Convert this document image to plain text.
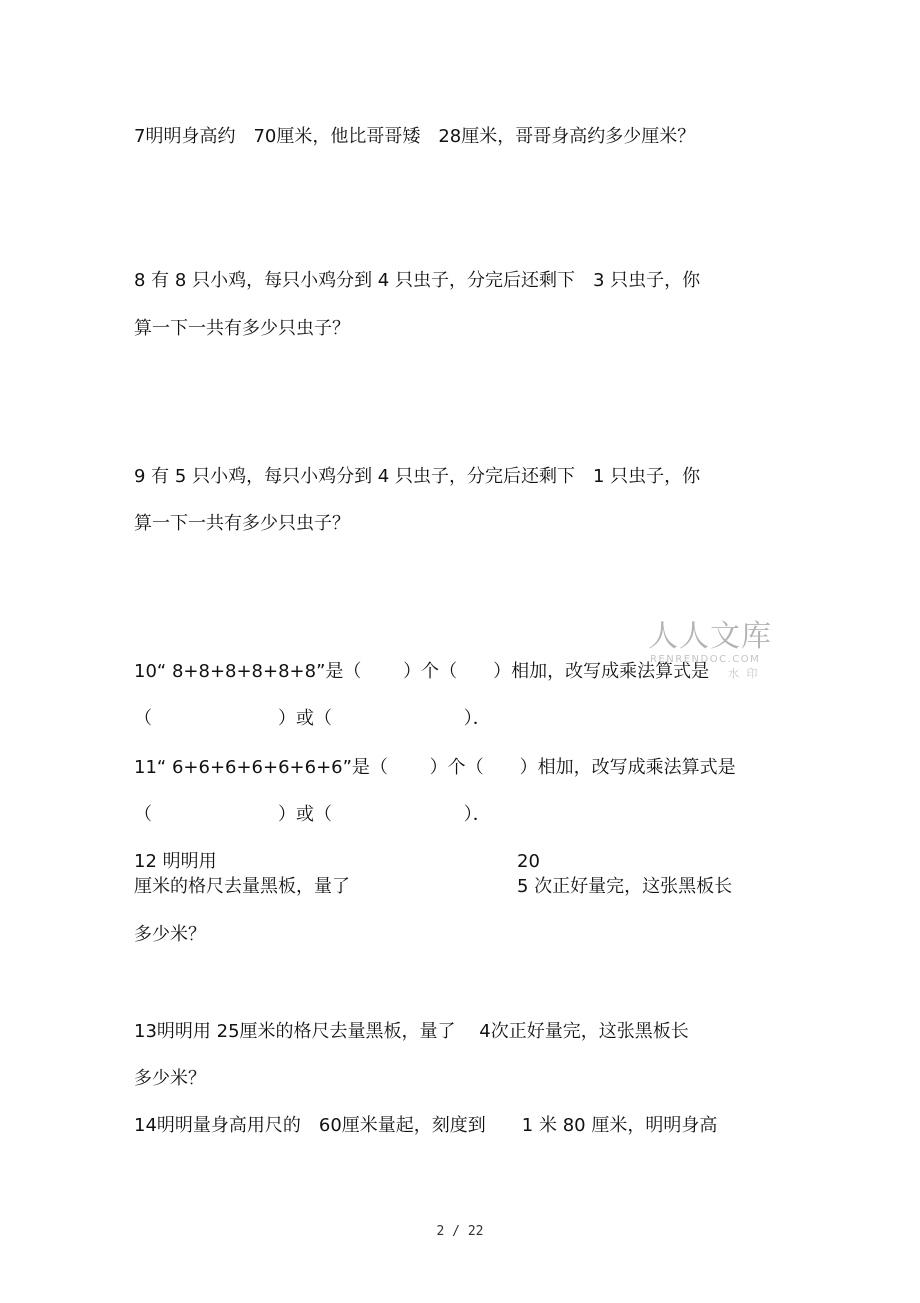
7明明身高约　70厘米，他比哥哥矮　28厘米，哥哥身高约多少厘米？
8 有 8 只小鸡，每只小鸡分到 4 只虫子，分完后还剩下　3 只虫子，你
算一下一共有多少只虫子？
9 有 5 只小鸡，每只小鸡分到 4 只虫子，分完后还剩下　1 只虫子，你
算一下一共有多少只虫子？
10“ 8+8+8+8+8+8”是（　　 ）个（　　）相加，改写成乘法算式是
（　　　　　　　）或（　　　　　　　 ）．
11“ 6+6+6+6+6+6+6”是（　　 ）个（　　）相加，改写成乘法算式是
（　　　　　　　）或（　　　　　　　 ）．
12 明明用	20
厘米的格尺去量黑板，量了	5 次正好量完，这张黑板长
多少米？
13明明用 25厘米的格尺去量黑板，量了　 4次正好量完，这张黑板长
多少米？
14明明量身高用尺的　60厘米量起，刻度到　　1 米 80 厘米，明明身高
人人文库
RENRENDOC.COM
水 印
2 / 22
